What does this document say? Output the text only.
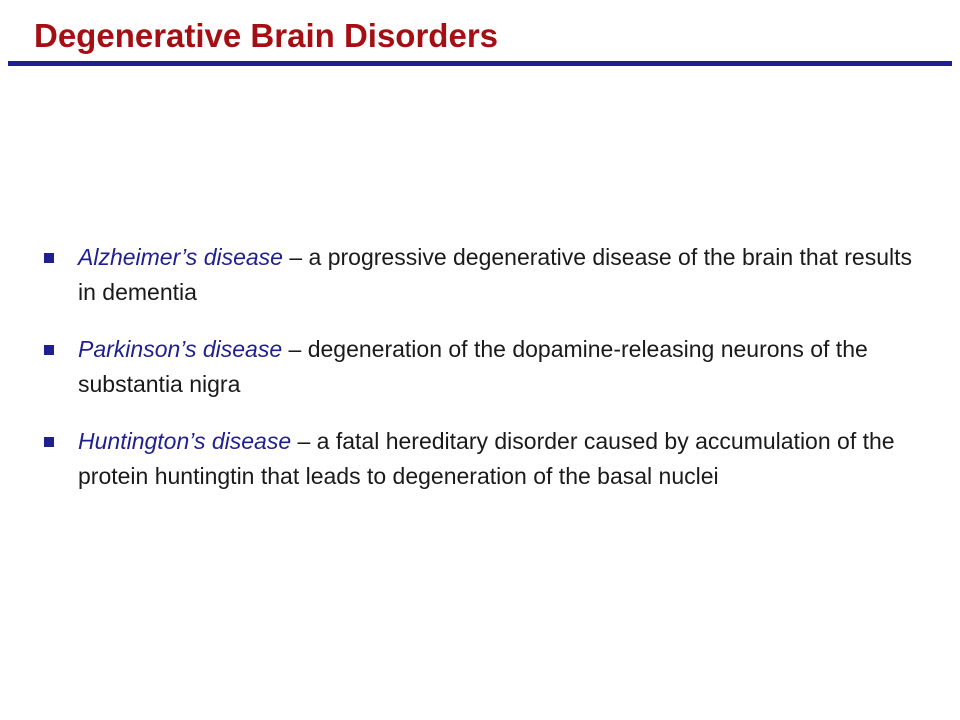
Degenerative Brain Disorders
Alzheimer’s disease – a progressive degenerative disease of the brain that results in dementia
Parkinson’s disease – degeneration of the dopamine-releasing neurons of the substantia nigra
Huntington’s disease – a fatal hereditary disorder caused by accumulation of the protein huntingtin that leads to degeneration of the basal nuclei
